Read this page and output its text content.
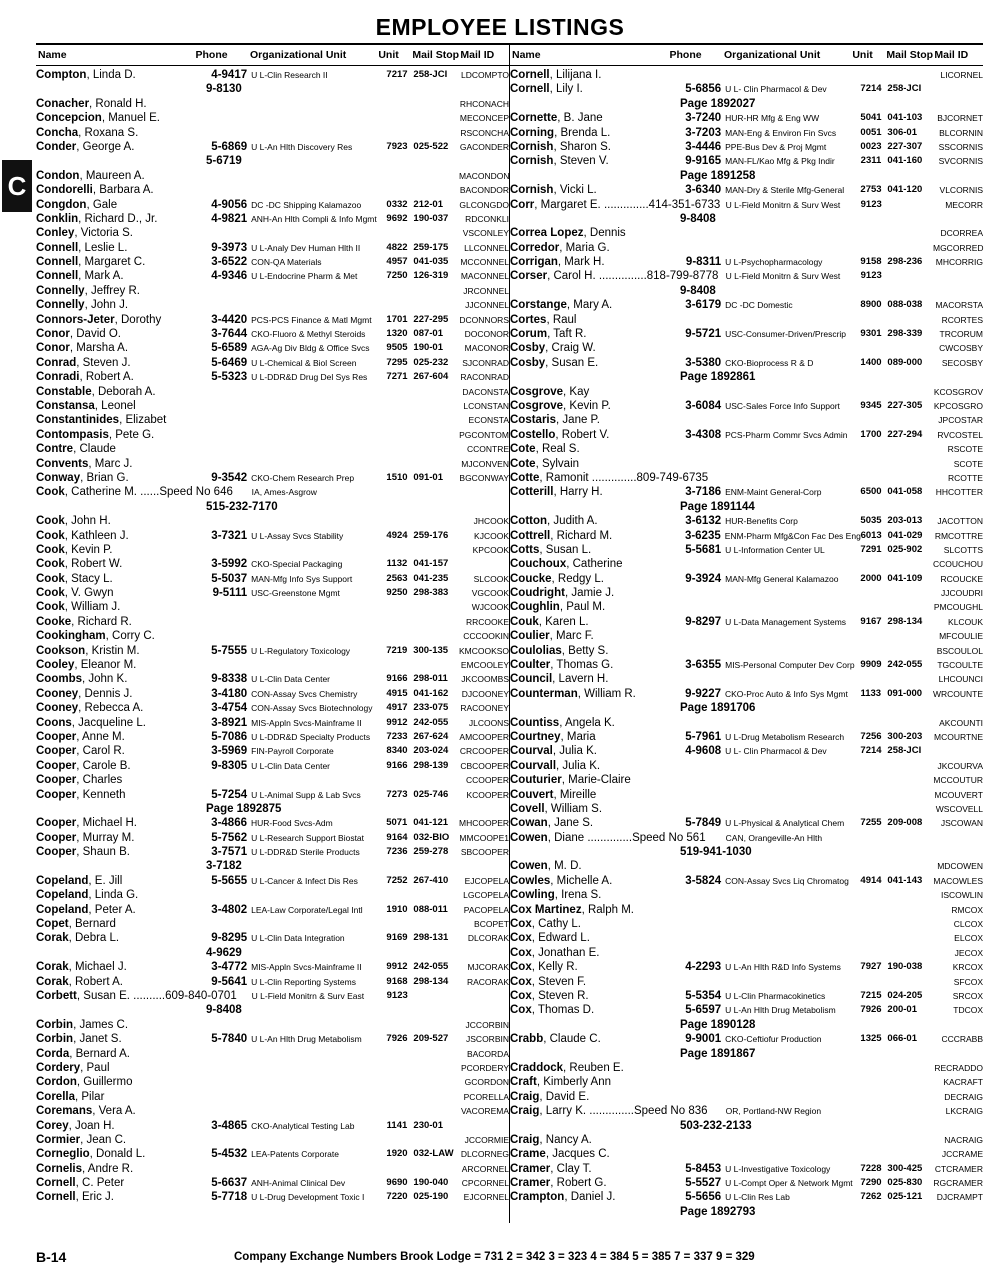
EMPLOYEE LISTINGS
C
Name	Phone	Organizational Unit	Unit	Mail Stop Mail ID
Compton, Linda D.	4-9417 U L-Clin Research II	7217 258-JCI	LDCOMPTO
9-8130
Conacher, Ronald H.	RHCONACH
Concepcion, Manuel E.	MECONCEP
Concha, Roxana S.	RSCONCHA
Conder, George A.	5-6869 U L-An Hlth Discovery Res	7923 025-522	GACONDER
5-6719
Condon, Maureen A.	MACONDON
Condorelli, Barbara A.	BACONDOR
Congdon, Gale	4-9056 DC -DC Shipping Kalamazoo	0332 212-01	GLCONGDO
Conklin, Richard D., Jr.	4-9821 ANH-An Hlth Compli & Info Mgmt	9692 190-037	RDCONKLI
Conley, Victoria S.	VSCONLEY
Connell, Leslie L.	9-3973 U L-Analy Dev Human Hlth II	4822 259-175	LLCONNEL
Connell, Margaret C.	3-6522 CON-QA Materials	4957 041-035	MCCONNEL
Connell, Mark A.	4-9346 U L-Endocrine Pharm & Met	7250 126-319	MACONNEL
Connelly, Jeffrey R.	JRCONNEL
Connelly, John J.	JJCONNEL
Connors-Jeter, Dorothy	3-4420 PCS-PCS Finance & Matl Mgmt	1701 227-295	DCONNORS
Conor, David O.	3-7644 CKO-Fluoro & Methyl Steroids	1320 087-01	DOCONOR
Conor, Marsha A.	5-6589 AGA-Ag Div Bldg & Office Svcs	9505 190-01	MACONOR
Conrad, Steven J.	5-6469 U L-Chemical & Biol Screen	7295 025-232	SJCONRAD
Conradi, Robert A.	5-5323 U L-DDR&D Drug Del Sys Res	7271 267-604	RACONRAD
Constable, Deborah A.	DACONSTA
Constansa, Leonel	LCONSTAN
Constantinides, Elizabet	ECONSTA
Contompasis, Pete G.	PGCONTOM
Contre, Claude	CCONTRE
Convents, Marc J.	MJCONVEN
Conway, Brian G.	9-3542 CKO-Chem Research Prep	1510 091-01	BGCONWAY
Cook, Catherine M. ......Speed No 646 IA, Ames-Asgrow
515-232-7170
Cook, John H.	JHCOOK
Cook, Kathleen J.	3-7321 U L-Assay Svcs Stability	4924 259-176	KJCOOK
Cook, Kevin P.	KPCOOK
Cook, Robert W.	3-5992 CKO-Special Packaging	1132 041-157
Cook, Stacy L.	5-5037 MAN-Mfg Info Sys Support	2563 041-235	SLCOOK
Cook, V. Gwyn	9-5111 USC-Greenstone Mgmt	9250 298-383	VGCOOK
Cook, William J.	WJCOOK
Cooke, Richard R.	RRCOOKE
Cookingham, Corry C.	CCCOOKIN
Cookson, Kristin M.	5-7555 U L-Regulatory Toxicology	7219 300-135	KMCOOKSO
Cooley, Eleanor M.	EMCOOLEY
Coombs, John K.	9-8338 U L-Clin Data Center	9166 298-011	JKCOOMBS
Cooney, Dennis J.	3-4180 CON-Assay Svcs Chemistry	4915 041-162	DJCOONEY
Cooney, Rebecca A.	3-4754 CON-Assay Svcs Biotechnology	4917 233-075	RACOONEY
Coons, Jacqueline L.	3-8921 MIS-Appln Svcs-Mainframe II	9912 242-055	JLCOONS
Cooper, Anne M.	5-7086 U L-DDR&D Specialty Products	7233 267-624	AMCOOPER
Cooper, Carol R.	3-5969 FIN-Payroll Corporate	8340 203-024	CRCOOPER
Cooper, Carole B.	9-8305 U L-Clin Data Center	9166 298-139	CBCOOPER
Cooper, Charles	CCOOPER
Cooper, Kenneth	5-7254 U L-Animal Supp & Lab Svcs	7273 025-746	KCOOPER
Page 1892875
Cooper, Michael H.	3-4866 HUR-Food Svcs-Adm	5071 041-121	MHCOOPER
Cooper, Murray M.	5-7562 U L-Research Support Biostat	9164 032-BIO	MMCOOPE1
Cooper, Shaun B.	3-7571 U L-DDR&D Sterile Products	7236 259-278	SBCOOPER
3-7182
Copeland, E. Jill	5-5655 U L-Cancer & Infect Dis Res	7252 267-410	EJCOPELA
Copeland, Linda G.	LGCOPELA
Copeland, Peter A.	3-4802 LEA-Law Corporate/Legal Intl	1910 088-011	PACOPELA
Copet, Bernard	BCOPET
Corak, Debra L.	9-8295 U L-Clin Data Integration	9169 298-131	DLCORAK
4-9629
Corak, Michael J.	3-4772 MIS-Appln Svcs-Mainframe II	9912 242-055	MJCORAK
Corak, Robert A.	9-5641 U L-Clin Reporting Systems	9168 298-134	RACORAK
Corbett, Susan E. ..........609-840-0701 U L-Field Monitrn & Surv East	9123
9-8408
Corbin, James C.	JCCORBIN
Corbin, Janet S.	5-7840 U L-An Hlth Drug Metabolism	7926 209-527	JSCORBIN
Corda, Bernard A.	BACORDA
Cordery, Paul	PCORDERY
Cordon, Guillermo	GCORDON
Corella, Pilar	PCORELLA
Coremans, Vera A.	VACOREMA
Corey, Joan H.	3-4865 CKO-Analytical Testing Lab	1141 230-01
Cormier, Jean C.	JCCORMIE
Corneglio, Donald L.	5-4532 LEA-Patents Corporate	1920 032-LAW DLCORNEG
Cornelis, Andre R.	ARCORNEL
Cornell, C. Peter	5-6637 ANH-Animal Clinical Dev	9690 190-040	CPCORNEL
Cornell, Eric J.	5-7718 U L-Drug Development Toxic I	7220 025-190	EJCORNEL
Name	Phone	Organizational Unit	Unit	Mail Stop Mail ID
Cornell, Lilijana I.	LICORNEL
Cornell, Lily I.	5-6856 U L- Clin Pharmacol & Dev	7214 258-JCI
Page 1892027
Cornette, B. Jane	3-7240 HUR-HR Mfg & Eng WW	5041 041-103	BJCORNET
Corning, Brenda L.	3-7203 MAN-Eng & Environ Fin Svcs	0051 306-01	BLCORNIN
Cornish, Sharon S.	3-4446 PPE-Bus Dev & Proj Mgmt	0023 227-307	SSCORNIS
Cornish, Steven V.	9-9165 MAN-FL/Kao Mfg & Pkg Indir	2311 041-160	SVCORNIS
Page 1891258
Cornish, Vicki L.	3-6340 MAN-Dry & Sterile Mfg-General	2753 041-120	VLCORNIS
Corr, Margaret E. ..............414-351-6733 U L-Field Monitrn & Surv West	9123	MECORR
9-8408
Correa Lopez, Dennis	DCORREA
Corredor, Maria G.	MGCORRED
Corrigan, Mark H.	9-8311 U L-Psychopharmacology	9158 298-236	MHCORRIG
Corser, Carol H. ...............818-799-8778 U L-Field Monitrn & Surv West	9123
9-8408
Corstange, Mary A.	3-6179 DC -DC Domestic	8900 088-038	MACORSTA
Cortes, Raul	RCORTES
Corum, Taft R.	9-5721 USC-Consumer-Driven/Prescrip	9301 298-339	TRCORUM
Cosby, Craig W.	CWCOSBY
Cosby, Susan E.	3-5380 CKO-Bioprocess R & D	1400 089-000	SECOSBY
Page 1892861
Cosgrove, Kay	KCOSGROV
Cosgrove, Kevin P.	3-6084 USC-Sales Force Info Support	9345 227-305	KPCOSGRO
Costaris, Jane P.	JPCOSTAR
Costello, Robert V.	3-4308 PCS-Pharm Commr Svcs Admin	1700 227-294	RVCOSTEL
Cote, Real S.	RSCOTE
Cote, Sylvain	SCOTE
Cotte, Ramonit ..............809-749-6735	RCOTTE
Cotterill, Harry H.	3-7186 ENM-Maint General-Corp	6500 041-058	HHCOTTER
Page 1891144
Cotton, Judith A.	3-6132 HUR-Benefits Corp	5035 203-013	JACOTTON
Cottrell, Richard M.	3-6235 ENM-Pharm Mfg&Con Fac Des Eng 6013 041-029	RMCOTTRE
Cotts, Susan L.	5-5681 U L-Information Center UL	7291 025-902	SLCOTTS
Couchoux, Catherine	CCOUCHOU
Coucke, Redgy L.	9-3924 MAN-Mfg General Kalamazoo	2000 041-109	RCOUCKE
Coudright, Jamie J.	JJCOUDRI
Coughlin, Paul M.	PMCOUGHL
Couk, Karen L.	9-8297 U L-Data Management Systems	9167 298-134	KLCOUK
Coulier, Marc F.	MFCOULIE
Coulolias, Betty S.	BSCOULOL
Coulter, Thomas G.	3-6355 MIS-Personal Computer Dev Corp 9909 242-055	TGCOULTE
Council, Lavern H.	LHCOUNCI
Counterman, William R.	9-9227 CKO-Proc Auto & Info Sys Mgmt	1133 091-000	WRCOUNTE
Page 1891706
Countiss, Angela K.	AKCOUNTI
Courtney, Maria	5-7961 U L-Drug Metabolism Research	7256 300-203	MCOURTNE
Courval, Julia K.	4-9608 U L- Clin Pharmacol & Dev	7214 258-JCI
Courvall, Julia K.	JKCOURVA
Couturier, Marie-Claire	MCCOUTUR
Couvert, Mireille	MCOUVERT
Covell, William S.	WSCOVELL
Cowan, Jane S.	5-7849 U L-Physical & Analytical Chem	7255 209-008	JSCOWAN
Cowen, Diane ..............Speed No 561 CAN, Orangeville-An Hlth
519-941-1030
Cowen, M. D.	MDCOWEN
Cowles, Michelle A.	3-5824 CON-Assay Svcs Liq Chromatog	4914 041-143	MACOWLES
Cowling, Irena S.	ISCOWLIN
Cox Martinez, Ralph M.	RMCOX
Cox, Cathy L.	CLCOX
Cox, Edward L.	ELCOX
Cox, Jonathan E.	JECOX
Cox, Kelly R.	4-2293 U L-An Hlth R&D Info Systems	7927 190-038	KRCOX
Cox, Steven F.	SFCOX
Cox, Steven R.	5-5354 U L-Clin Pharmacokinetics	7215 024-205	SRCOX
Cox, Thomas D.	5-6597 U L-An Hlth Drug Metabolism	7926 200-01	TDCOX
Page 1890128
Crabb, Claude C.	9-9001 CKO-Ceftiofur Production	1325 066-01	CCCRABB
Page 1891867
Craddock, Reuben E.	RECRADDO
Craft, Kimberly Ann	KACRAFT
Craig, David E.	DECRAIG
Craig, Larry K. ..............Speed No 836 OR, Portland-NW Region	LKCRAIG
503-232-2133
Craig, Nancy A.	NACRAIG
Crame, Jacques C.	JCCRAME
Cramer, Clay T.	5-8453 U L-Investigative Toxicology	7228 300-425	CTCRAMER
Cramer, Robert G.	5-5527 U L-Compt Oper & Network Mgmt 7290 025-830	RGCRAMER
Crampton, Daniel J.	5-5656 U L-Clin Res Lab	7262 025-121	DJCRAMPT
Page 1892793
B-14	Company Exchange Numbers Brook Lodge = 731 2 = 342 3 = 323 4 = 384 5 = 385 7 = 337 9 = 329
